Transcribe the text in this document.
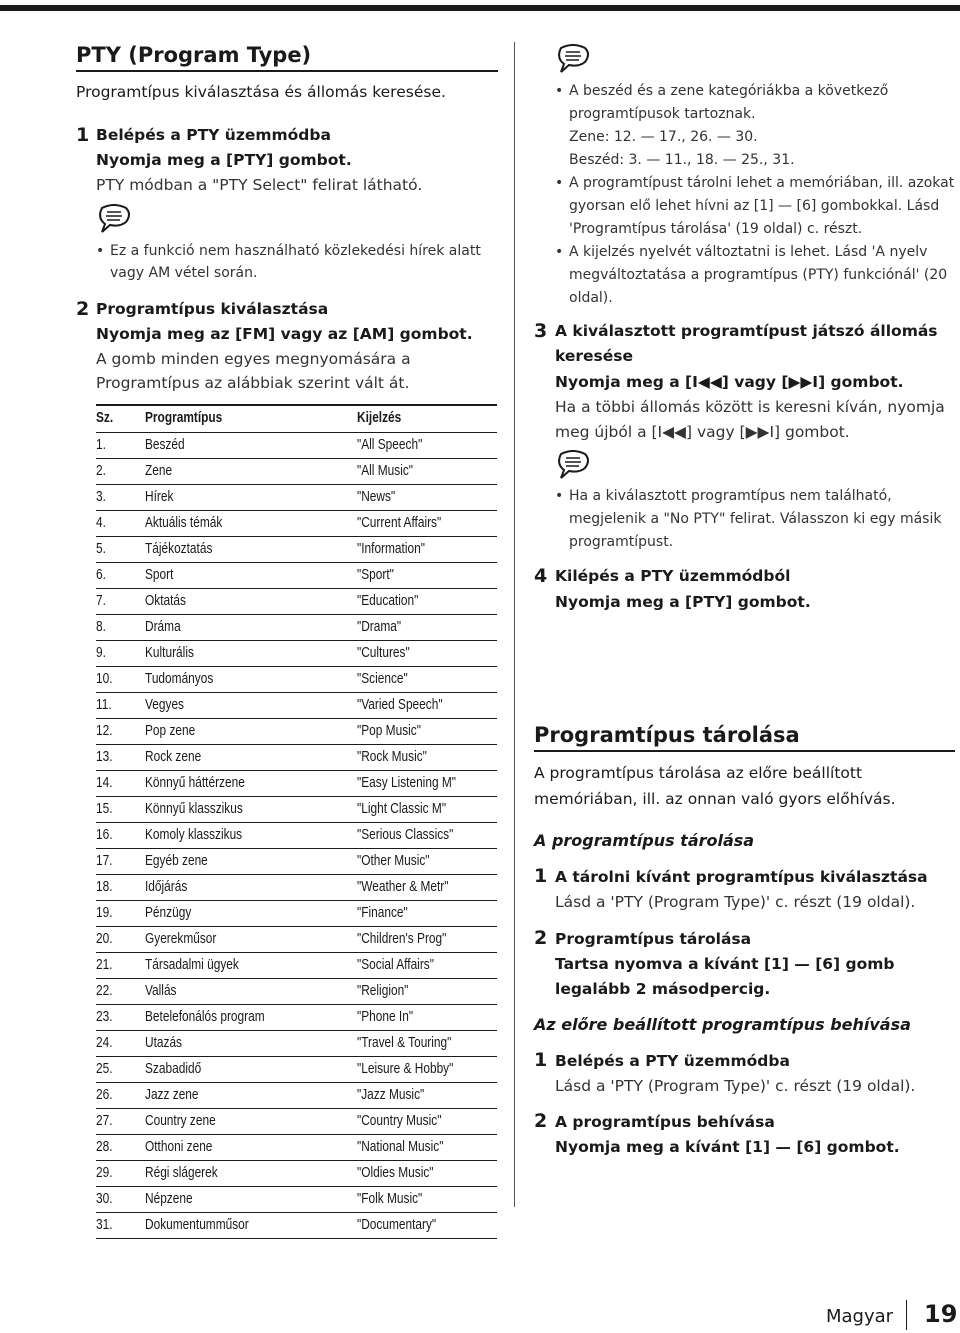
PTY (Program Type)
Programtípus kiválasztása és állomás keresése.
1 Belépés a PTY üzemmódba
Nyomja meg a [PTY] gombot.
PTY módban a "PTY Select" felirat látható.
• Ez a funkció nem használható közlekedési hírek alatt
vagy AM vétel során.
2 Programtípus kiválasztása
Nyomja meg az [FM] vagy az [AM] gombot.
A gomb minden egyes megnyomására a
Programtípus az alábbiak szerint vált át.
Sz. Programtípus	Kijelzés
1.	Beszéd	"All Speech"
2.	Zene	"All Music"
3.	Hírek	"News"
4.	Aktuális témák	"Current Affairs"
5.	Tájékoztatás	"Information"
6.	Sport	"Sport"
7.	Oktatás	"Education"
8.	Dráma	"Drama"
9.	Kulturális	"Cultures"
10. Tudományos	"Science"
11. Vegyes	"Varied Speech"
12. Pop zene	"Pop Music"
13. Rock zene	"Rock Music"
14. Könnyű háttérzene	"Easy Listening M"
15. Könnyű klasszikus	"Light Classic M"
16. Komoly klasszikus	"Serious Classics"
17. Egyéb zene	"Other Music"
18. Időjárás	"Weather & Metr"
19. Pénzügy	"Finance"
20. Gyerekműsor	"Children's Prog"
21. Társadalmi ügyek	"Social Affairs"
22. Vallás	"Religion"
23. Betelefonálós program	"Phone In"
24. Utazás	"Travel & Touring"
25. Szabadidő	"Leisure & Hobby"
26. Jazz zene	"Jazz Music"
27. Country zene	"Country Music"
28. Otthoni zene	"National Music"
29. Régi slágerek	"Oldies Music"
30. Népzene	"Folk Music"
31. Dokumentumműsor	"Documentary"
• A beszéd és a zene kategóriákba a következő
programtípusok tartoznak.
Zene: 12. — 17., 26. — 30.
Beszéd: 3. — 11., 18. — 25., 31.
• A programtípust tárolni lehet a memóriában, ill. azokat
gyorsan elő lehet hívni az [1] — [6] gombokkal. Lásd
'Programtípus tárolása' (19 oldal) c. részt.
• A kijelzés nyelvét változtatni is lehet. Lásd 'A nyelv
megváltoztatása a programtípus (PTY) funkciónál' (20
oldal).
3 A kiválasztott programtípust játszó állomás
keresése
Nyomja meg a [I◀◀] vagy [▶▶I] gombot.
Ha a többi állomás között is keresni kíván, nyomja
meg újból a [I◀◀] vagy [▶▶I] gombot.
• Ha a kiválasztott programtípus nem található,
megjelenik a "No PTY" felirat. Válasszon ki egy másik
programtípust.
4 Kilépés a PTY üzemmódból
Nyomja meg a [PTY] gombot.
Programtípus tárolása
A programtípus tárolása az előre beállított
memóriában, ill. az onnan való gyors előhívás.
A programtípus tárolása
1 A tárolni kívánt programtípus kiválasztása
Lásd a 'PTY (Program Type)' c. részt (19 oldal).
2 Programtípus tárolása
Tartsa nyomva a kívánt [1] — [6] gomb
legalább 2 másodpercig.
Az előre beállított programtípus behívása
1 Belépés a PTY üzemmódba
Lásd a 'PTY (Program Type)' c. részt (19 oldal).
2 A programtípus behívása
Nyomja meg a kívánt [1] — [6] gombot.
Magyar 19
